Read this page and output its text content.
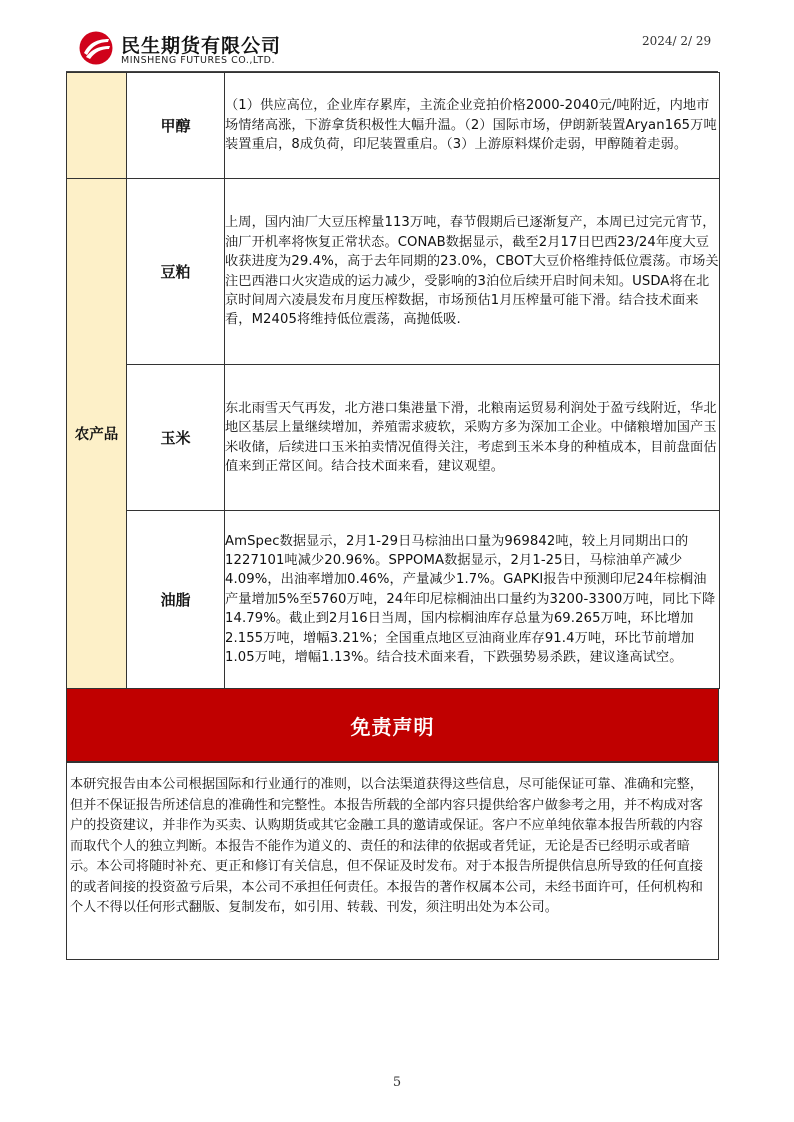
民生期货有限公司
MINSHENG FUTURES CO.,LTD.
2024/ 2/ 29
	甲醇	（1）供应高位，企业库存累库，主流企业竞拍价格2000-2040元/吨附近，内地市场情绪高涨，下游拿货积极性大幅升温。（2）国际市场，伊朗新装置Aryan165万吨装置重启，8成负荷，印尼装置重启。（3）上游原料煤价走弱，甲醇随着走弱。
农产品	豆粕	上周，国内油厂大豆压榨量113万吨，春节假期后已逐渐复产，本周已过完元宵节，油厂开机率将恢复正常状态。CONAB数据显示，截至2月17日巴西23/24年度大豆收获进度为29.4%，高于去年同期的23.0%，CBOT大豆价格维持低位震荡。市场关注巴西港口火灾造成的运力减少，受影响的3泊位后续开启时间未知。USDA将在北京时间周六凌晨发布月度压榨数据，市场预估1月压榨量可能下滑。结合技术面来看，M2405将维持低位震荡，高抛低吸.
	玉米	东北雨雪天气再发，北方港口集港量下滑，北粮南运贸易利润处于盈亏线附近，华北地区基层上量继续增加，养殖需求疲软，采购方多为深加工企业。中储粮增加国产玉米收储，后续进口玉米拍卖情况值得关注，考虑到玉米本身的种植成本，目前盘面估值来到正常区间。结合技术面来看，建议观望。
	油脂	AmSpec数据显示，2月1-29日马棕油出口量为969842吨，较上月同期出口的1227101吨减少20.96%。SPPOMA数据显示，2月1-25日，马棕油单产减少4.09%，出油率增加0.46%，产量减少1.7%。GAPKI报告中预测印尼24年棕榈油产量增加5%至5760万吨，24年印尼棕榈油出口量约为3200-3300万吨，同比下降14.79%。截止到2月16日当周，国内棕榈油库存总量为69.265万吨，环比增加2.155万吨，增幅3.21%；全国重点地区豆油商业库存91.4万吨，环比节前增加1.05万吨，增幅1.13%。结合技术面来看，下跌强势易杀跌，建议逢高试空。
免责声明
本研究报告由本公司根据国际和行业通行的准则，以合法渠道获得这些信息，尽可能保证可靠、准确和完整，但并不保证报告所述信息的准确性和完整性。本报告所载的全部内容只提供给客户做参考之用，并不构成对客户的投资建议，并非作为买卖、认购期货或其它金融工具的邀请或保证。客户不应单纯依靠本报告所载的内容而取代个人的独立判断。本报告不能作为道义的、责任的和法律的依据或者凭证，无论是否已经明示或者暗示。本公司将随时补充、更正和修订有关信息，但不保证及时发布。对于本报告所提供信息所导致的任何直接的或者间接的投资盈亏后果，本公司不承担任何责任。本报告的著作权属本公司，未经书面许可，任何机构和个人不得以任何形式翻版、复制发布，如引用、转载、刊发，须注明出处为本公司。
5
